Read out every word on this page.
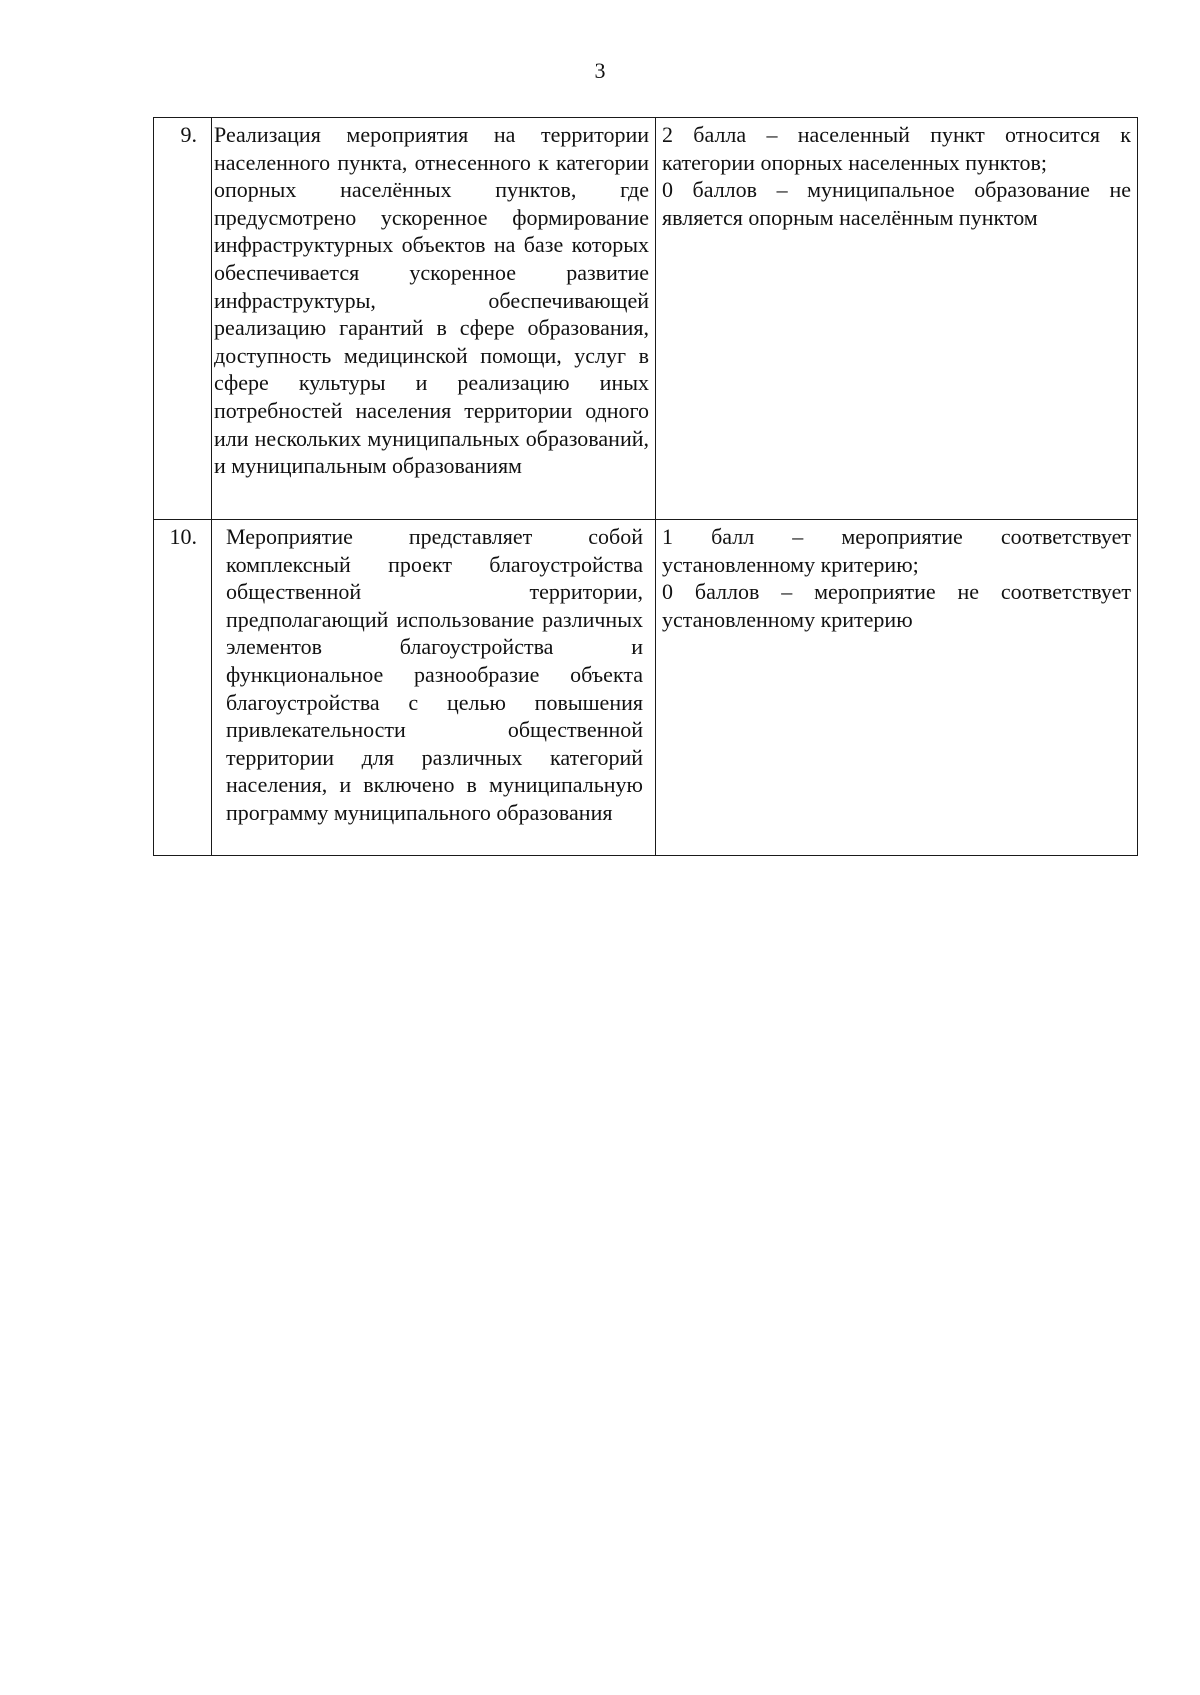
3
9.	Реализация мероприятия на территории населенного пункта, отнесенного к категории опорных населённых пунктов, где предусмотрено ускоренное формирование инфраструктурных объектов на базе которых обеспечивается ускоренное развитие инфраструктуры, обеспечивающей реализацию гарантий в сфере образования, доступность медицинской помощи, услуг в сфере культуры и реализацию иных потребностей населения территории одного или нескольких муниципальных образований, и муниципальным образованиям	2 балла – населенный пункт относится к категории опорных населенных пунктов;
0 баллов – муниципальное образование не является опорным населённым пунктом

10.	Мероприятие представляет собой комплексный проект благоустройства общественной территории, предполагающий использование различных элементов благоустройства и функциональное разнообразие объекта благоустройства с целью повышения привлекательности общественной территории для различных категорий населения, и включено в муниципальную программу муниципального образования	1 балл – мероприятие соответствует установленному критерию;
0 баллов – мероприятие не соответствует установленному критерию
